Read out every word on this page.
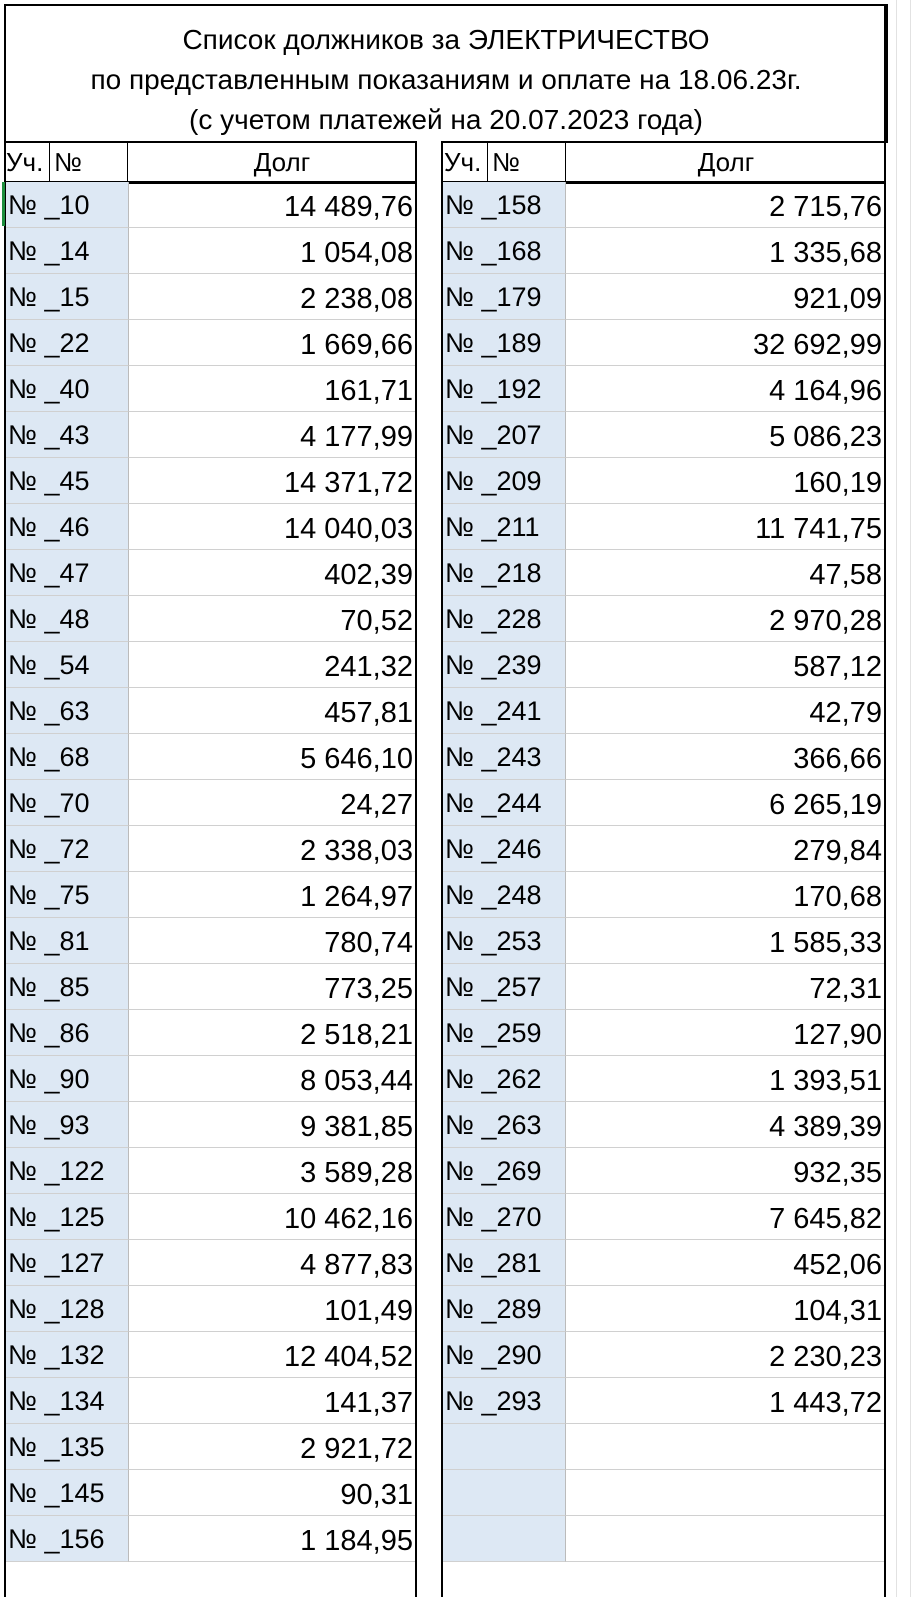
Список должников за ЭЛЕКТРИЧЕСТВО
по представленным показаниям и оплате на 18.06.23г.
(с учетом платежей на 20.07.2023 года)
Уч. №	Долг	Уч. №	Долг
№ _10	14 489,76
№ _14	1 054,08
№ _15	2 238,08
№ _22	1 669,66
№ _40	161,71
№ _43	4 177,99
№ _45	14 371,72
№ _46	14 040,03
№ _47	402,39
№ _48	70,52
№ _54	241,32
№ _63	457,81
№ _68	5 646,10
№ _70	24,27
№ _72	2 338,03
№ _75	1 264,97
№ _81	780,74
№ _85	773,25
№ _86	2 518,21
№ _90	8 053,44
№ _93	9 381,85
№ _122	3 589,28
№ _125	10 462,16
№ _127	4 877,83
№ _128	101,49
№ _132	12 404,52
№ _134	141,37
№ _135	2 921,72
№ _145	90,31
№ _156	1 184,95
№ _158	2 715,76
№ _168	1 335,68
№ _179	921,09
№ _189	32 692,99
№ _192	4 164,96
№ _207	5 086,23
№ _209	160,19
№ _211	11 741,75
№ _218	47,58
№ _228	2 970,28
№ _239	587,12
№ _241	42,79
№ _243	366,66
№ _244	6 265,19
№ _246	279,84
№ _248	170,68
№ _253	1 585,33
№ _257	72,31
№ _259	127,90
№ _262	1 393,51
№ _263	4 389,39
№ _269	932,35
№ _270	7 645,82
№ _281	452,06
№ _289	104,31
№ _290	2 230,23
№ _293	1 443,72
